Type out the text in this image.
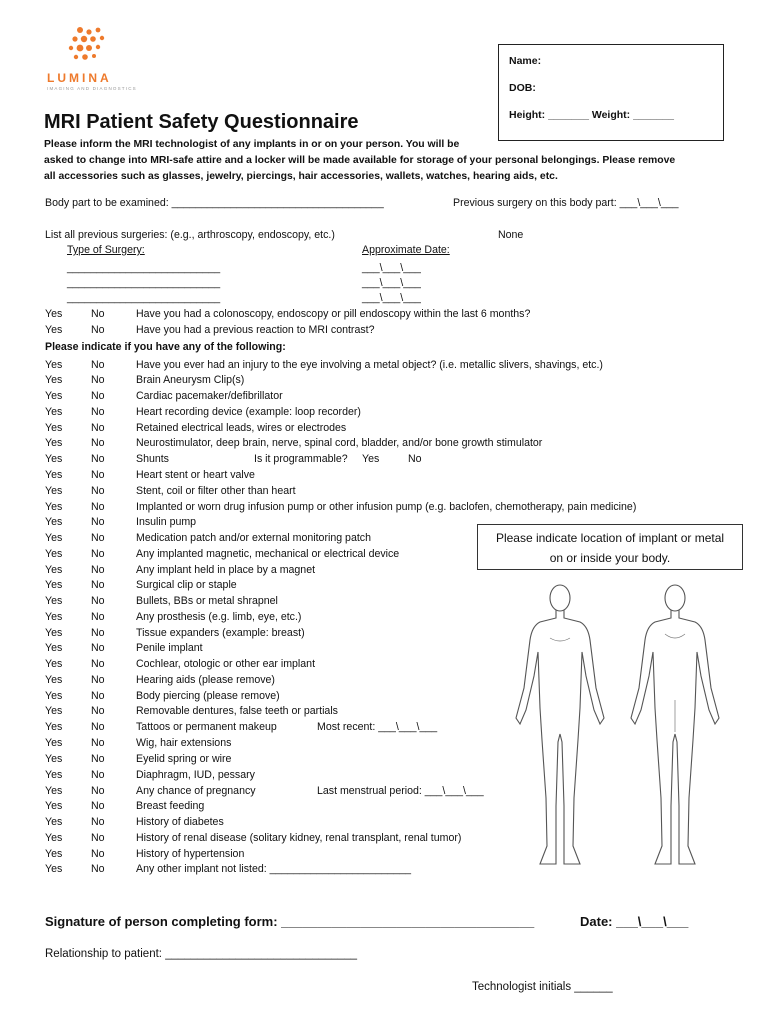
LUMINA
IMAGING AND DIAGNOSTICS
Name:
DOB:
Height: _______ Weight: _______
MRI Patient Safety Questionnaire
Please inform the MRI technologist of any implants in or on your person. You will be
asked to change into MRI-safe attire and a locker will be made available for storage of your personal belongings. Please remove
all accessories such as glasses, jewelry, piercings, hair accessories, wallets, watches, hearing aids, etc.
Body part to be examined: ____________________________________	Previous surgery on this body part: ___\___\___
List all previous surgeries: (e.g., arthroscopy, endoscopy, etc.)	None
Type of Surgery:	Approximate Date:
__________________________	___\___\___
__________________________	___\___\___
__________________________	___\___\___
Yes	No	Have you had a colonoscopy, endoscopy or pill endoscopy within the last 6 months?
Yes	No	Have you had a previous reaction to MRI contrast?
Please indicate if you have any of the following:
Yes	No	Have you ever had an injury to the eye involving a metal object? (i.e. metallic slivers, shavings, etc.)
Yes	No	Brain Aneurysm Clip(s)
Yes	No	Cardiac pacemaker/defibrillator
Yes	No	Heart recording device (example: loop recorder)
Yes	No	Retained electrical leads, wires or electrodes
Yes	No	Neurostimulator, deep brain, nerve, spinal cord, bladder, and/or bone growth stimulator
Yes	No	Shunts	Is it programmable? Yes	No
Yes	No	Heart stent or heart valve
Yes	No	Stent, coil or filter other than heart
Yes	No	Implanted or worn drug infusion pump or other infusion pump (e.g. baclofen, chemotherapy, pain medicine)
Yes	No	Insulin pump
Yes	No	Medication patch and/or external monitoring patch
Yes	No	Any implanted magnetic, mechanical or electrical device
Yes	No	Any implant held in place by a magnet
Yes	No	Surgical clip or staple
Yes	No	Bullets, BBs or metal shrapnel
Yes	No	Any prosthesis (e.g. limb, eye, etc.)
Yes	No	Tissue expanders (example: breast)
Yes	No	Penile implant
Yes	No	Cochlear, otologic or other ear implant
Yes	No	Hearing aids (please remove)
Yes	No	Body piercing (please remove)
Yes	No	Removable dentures, false teeth or partials
Yes	No	Tattoos or permanent makeup	Most recent: ___\___\___
Yes	No	Wig, hair extensions
Yes	No	Eyelid spring or wire
Yes	No	Diaphragm, IUD, pessary
Yes	No	Any chance of pregnancy	Last menstrual period: ___\___\___
Yes	No	Breast feeding
Yes	No	History of diabetes
Yes	No	History of renal disease (solitary kidney, renal transplant, renal tumor)
Yes	No	History of hypertension
Yes	No	Any other implant not listed: ________________________
Please indicate location of implant or metal
on or inside your body.
Signature of person completing form: ___________________________________	Date: ___\___\___
Relationship to patient: ______________________________
Technologist initials ______
